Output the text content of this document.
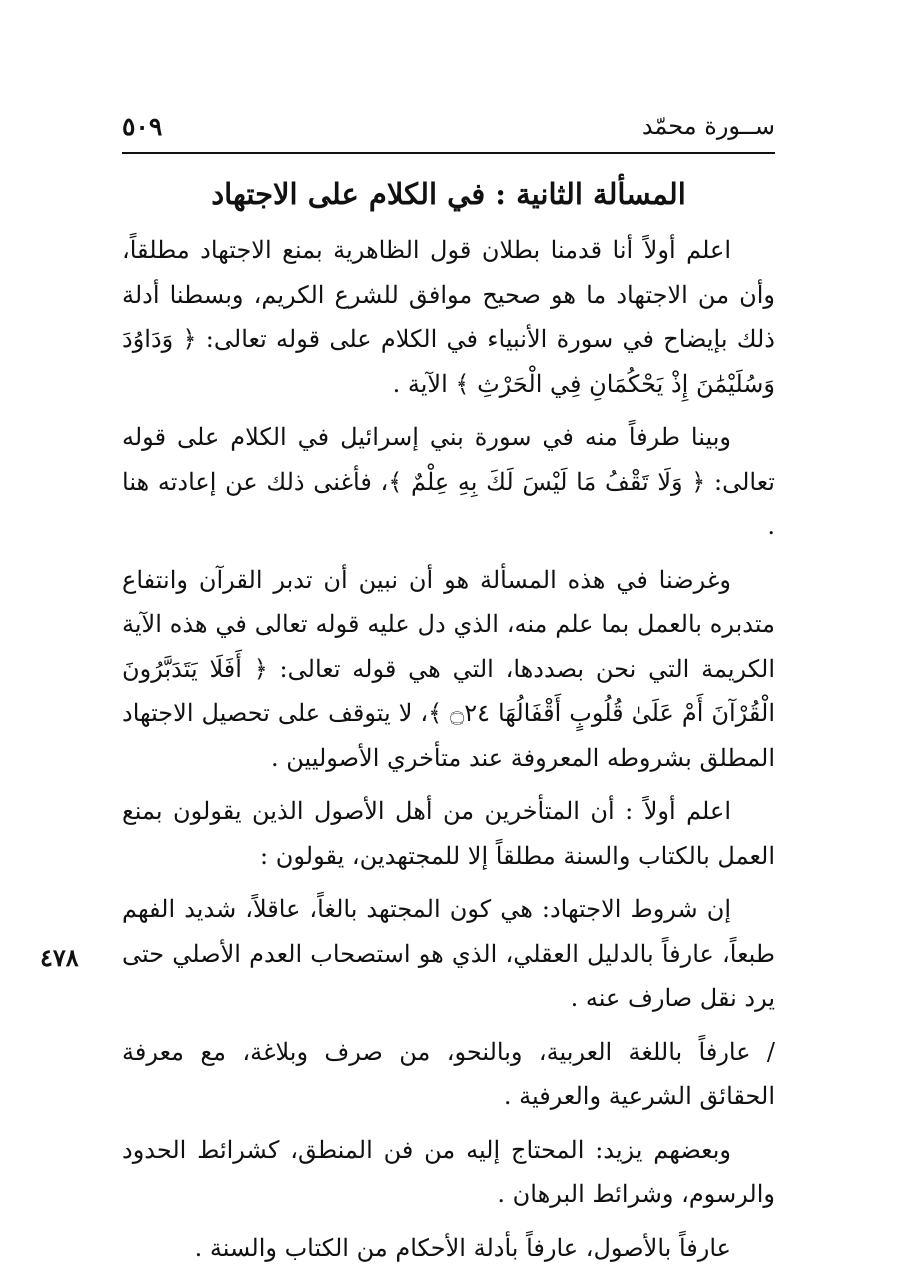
ســورة محمّد
٥٠٩
المسألة الثانية : في الكلام على الاجتهاد

اعلم أولاً أنا قدمنا بطلان قول الظاهرية بمنع الاجتهاد مطلقاً، وأن من الاجتهاد ما هو صحيح موافق للشرع الكريم، وبسطنا أدلة ذلك بإيضاح في سورة الأنبياء في الكلام على قوله تعالى: ﴿ وَدَاوُدَ وَسُلَيْمَٰنَ إِذْ يَحْكُمَانِ فِي الْحَرْثِ ﴾ الآية .

وبينا طرفاً منه في سورة بني إسرائيل في الكلام على قوله تعالى: ﴿ وَلَا تَقْفُ مَا لَيْسَ لَكَ بِهِ عِلْمٌ ﴾، فأغنى ذلك عن إعادته هنا .

وغرضنا في هذه المسألة هو أن نبين أن تدبر القرآن وانتفاع متدبره بالعمل بما علم منه، الذي دل عليه قوله تعالى في هذه الآية الكريمة التي نحن بصددها، التي هي قوله تعالى: ﴿ أَفَلَا يَتَدَبَّرُونَ الْقُرْآنَ أَمْ عَلَىٰ قُلُوبٍ أَقْفَالُهَا ۝٢٤ ﴾، لا يتوقف على تحصيل الاجتهاد المطلق بشروطه المعروفة عند متأخري الأصوليين .

اعلم أولاً : أن المتأخرين من أهل الأصول الذين يقولون بمنع العمل بالكتاب والسنة مطلقاً إلا للمجتهدين، يقولون :

إن شروط الاجتهاد: هي كون المجتهد بالغاً، عاقلاً، شديد الفهم طبعاً، عارفاً بالدليل العقلي، الذي هو استصحاب العدم الأصلي حتى يرد نقل صارف عنه .

/ عارفاً باللغة العربية، وبالنحو، من صرف وبلاغة، مع معرفة الحقائق الشرعية والعرفية .

وبعضهم يزيد: المحتاج إليه من فن المنطق، كشرائط الحدود والرسوم، وشرائط البرهان .

عارفاً بالأصول، عارفاً بأدلة الأحكام من الكتاب والسنة .

٤٧٨
